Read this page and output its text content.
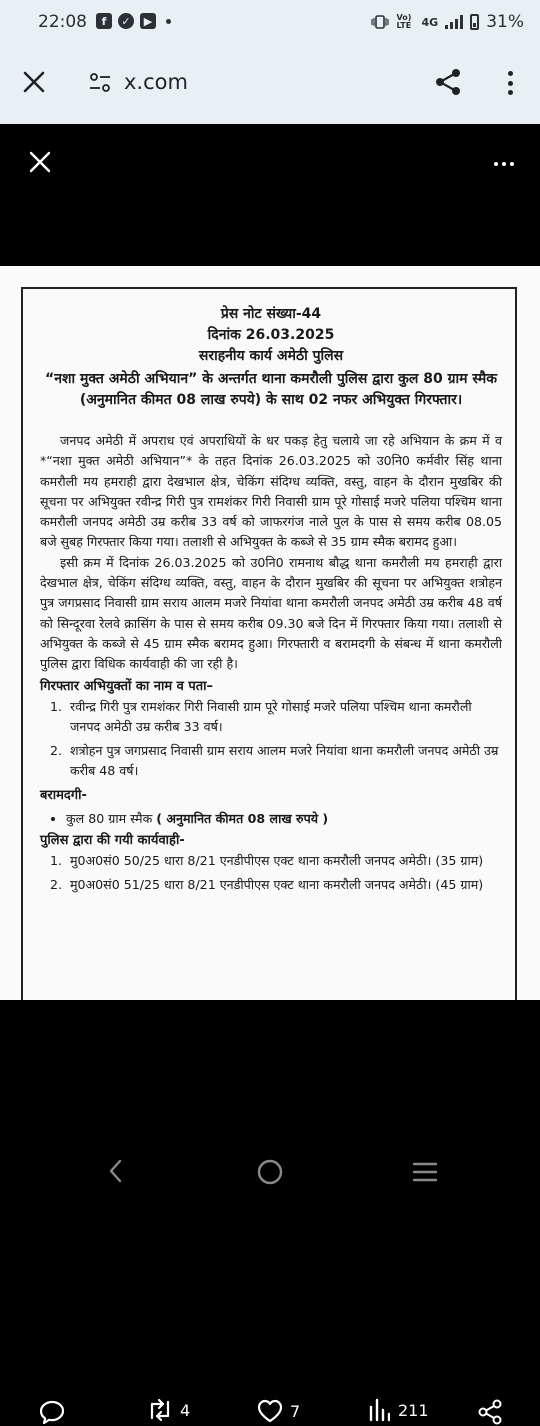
22:08	f	✓	▶	Vo) LTE 4G	31%
x.com
प्रेस नोट संख्या-44
दिनांक 26.03.2025
सराहनीय कार्य अमेठी पुलिस
“नशा मुक्त अमेठी अभियान” के अन्तर्गत थाना कमरौली पुलिस द्वारा कुल 80 ग्राम स्मैक (अनुमानित कीमत 08 लाख रुपये) के साथ 02 नफर अभियुक्त गिरफ्तार।

जनपद अमेठी में अपराध एवं अपराधियों के धर पकड़ हेतु चलाये जा रहे अभियान के क्रम में व *“नशा मुक्त अमेठी अभियान”* के तहत दिनांक 26.03.2025 को उ0नि0 कर्मवीर सिंह थाना कमरौली मय हमराही द्वारा देखभाल क्षेत्र, चेकिंग संदिग्ध व्यक्ति, वस्तु, वाहन के दौरान मुखबिर की सूचना पर अभियुक्त रवीन्द्र गिरी पुत्र रामशंकर गिरी निवासी ग्राम पूरे गोसाई मजरे पलिया पश्चिम थाना कमरौली जनपद अमेठी उम्र करीब 33 वर्ष को जाफरगंज नाले पुल के पास से समय करीब 08.05 बजे सुबह गिरफ्तार किया गया। तलाशी से अभियुक्त के कब्जे से 35 ग्राम स्मैक बरामद हुआ।

इसी क्रम में दिनांक 26.03.2025 को उ0नि0 रामनाथ बौद्ध थाना कमरौली मय हमराही द्वारा देखभाल क्षेत्र, चेकिंग संदिग्ध व्यक्ति, वस्तु, वाहन के दौरान मुखबिर की सूचना पर अभियुक्त शत्रोहन पुत्र जगप्रसाद निवासी ग्राम सराय आलम मजरे नियांवा थाना कमरौली जनपद अमेठी उम्र करीब 48 वर्ष को सिन्दूरवा रेलवे क्रासिंग के पास से समय करीब 09.30 बजे दिन में गिरफ्तार किया गया। तलाशी से अभियुक्त के कब्जे से 45 ग्राम स्मैक बरामद हुआ। गिरफ्तारी व बरामदगी के संबन्ध में थाना कमरौली पुलिस द्वारा विधिक कार्यवाही की जा रही है।

गिरफ्तार अभियुक्तों का नाम व पता–
1. रवीन्द्र गिरी पुत्र रामशंकर गिरी निवासी ग्राम पूरे गोसाई मजरे पलिया पश्चिम थाना कमरौली जनपद अमेठी उम्र करीब 33 वर्ष।
2. शत्रोहन पुत्र जगप्रसाद निवासी ग्राम सराय आलम मजरे नियांवा थाना कमरौली जनपद अमेठी उम्र करीब 48 वर्ष।
बरामदगी-
• कुल 80 ग्राम स्मैक ( अनुमानित कीमत 08 लाख रुपये )
पुलिस द्वारा की गयी कार्यवाही-
1. मु0अ0सं0 50/25 धारा 8/21 एनडीपीएस एक्ट थाना कमरौली जनपद अमेठी। (35 ग्राम)
2. मु0अ0सं0 51/25 धारा 8/21 एनडीपीएस एक्ट थाना कमरौली जनपद अमेठी। (45 ग्राम)
4	7	211
